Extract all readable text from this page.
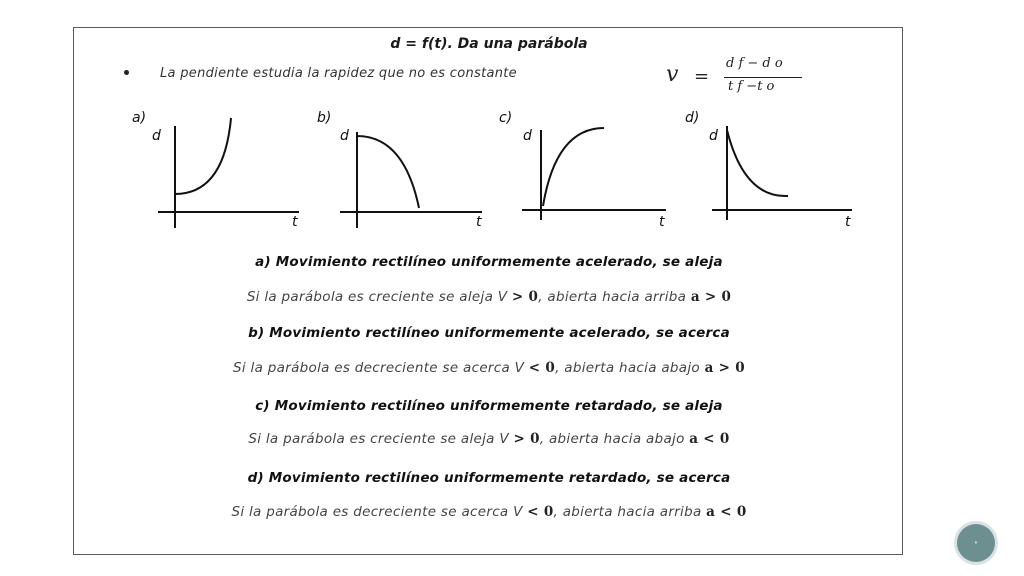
d = f(t). Da una parábola
La pendiente estudia la rapidez que no es constante	v =
d f − d o
t f −t o
a)
d
t
b)
d
t
c)
d
t
d)
d
t
a) Movimiento rectilíneo uniformemente acelerado, se aleja
Si la parábola es creciente se aleja V > 0, abierta hacia arriba a > 0
b) Movimiento rectilíneo uniformemente acelerado, se acerca
Si la parábola es decreciente se acerca V < 0, abierta hacia abajo a > 0
c) Movimiento rectilíneo uniformemente retardado, se aleja
Si la parábola es creciente se aleja V > 0, abierta hacia abajo a < 0
d) Movimiento rectilíneo uniformemente retardado, se acerca
Si la parábola es decreciente se acerca V < 0, abierta hacia arriba a < 0
•
